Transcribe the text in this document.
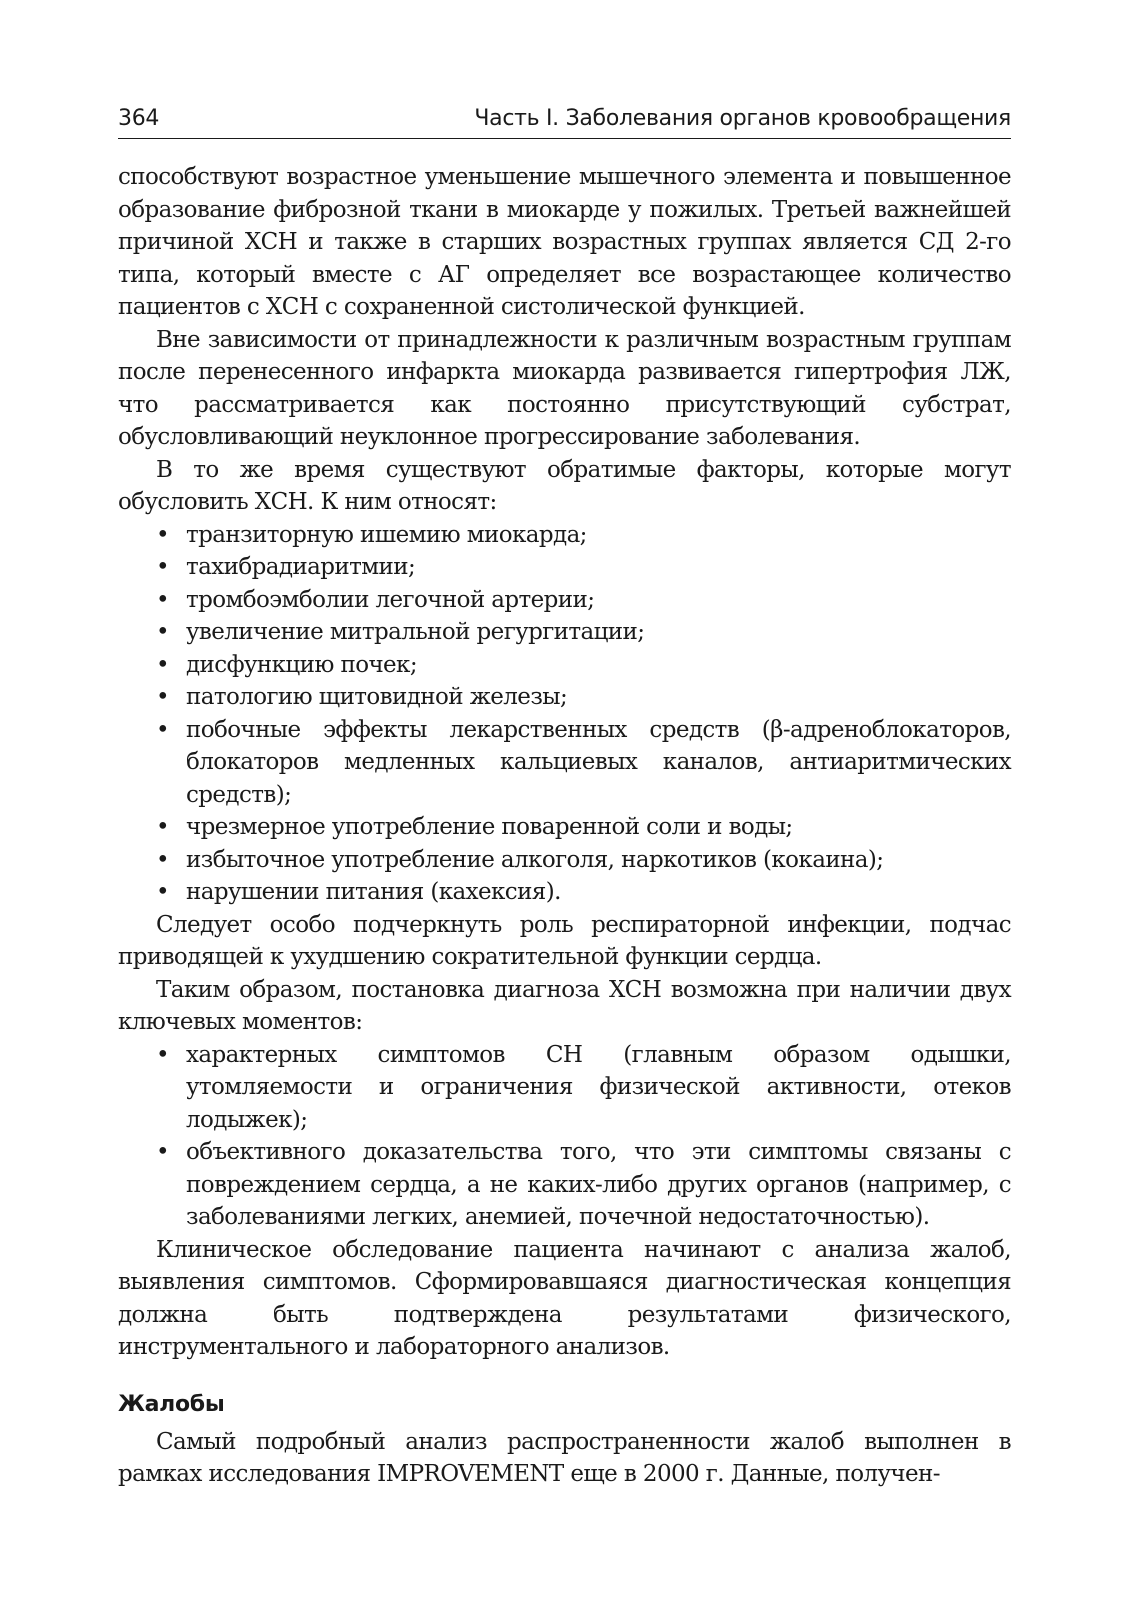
364	Часть I. Заболевания органов кровообращения

способствуют возрастное уменьшение мышечного элемента и повышенное образование фиброзной ткани в миокарде у пожилых. Третьей важнейшей причиной ХСН и также в старших возрастных группах является СД 2-го типа, который вместе с АГ определяет все возрастающее количество пациентов с ХСН с сохраненной систолической функцией.

Вне зависимости от принадлежности к различным возрастным группам после перенесенного инфаркта миокарда развивается гипертрофия ЛЖ, что рассматривается как постоянно присутствующий субстрат, обусловливающий неуклонное прогрессирование заболевания.

В то же время существуют обратимые факторы, которые могут обусловить ХСН. К ним относят:

• транзиторную ишемию миокарда;
• тахибрадиаритмии;
• тромбоэмболии легочной артерии;
• увеличение митральной регургитации;
• дисфункцию почек;
• патологию щитовидной железы;
• побочные эффекты лекарственных средств (β-адреноблокаторов, блокаторов медленных кальциевых каналов, антиаритмических средств);
• чрезмерное употребление поваренной соли и воды;
• избыточное употребление алкоголя, наркотиков (кокаина);
• нарушении питания (кахексия).

Следует особо подчеркнуть роль респираторной инфекции, подчас приводящей к ухудшению сократительной функции сердца.

Таким образом, постановка диагноза ХСН возможна при наличии двух ключевых моментов:

• характерных симптомов СН (главным образом одышки, утомляемости и ограничения физической активности, отеков лодыжек);
• объективного доказательства того, что эти симптомы связаны с повреждением сердца, а не каких-либо других органов (например, с заболеваниями легких, анемией, почечной недостаточностью).

Клиническое обследование пациента начинают с анализа жалоб, выявления симптомов. Сформировавшаяся диагностическая концепция должна быть подтверждена результатами физического, инструментального и лабораторного анализов.

Жалобы

Самый подробный анализ распространенности жалоб выполнен в рамках исследования IMPROVEMENT еще в 2000 г. Данные, получен-
